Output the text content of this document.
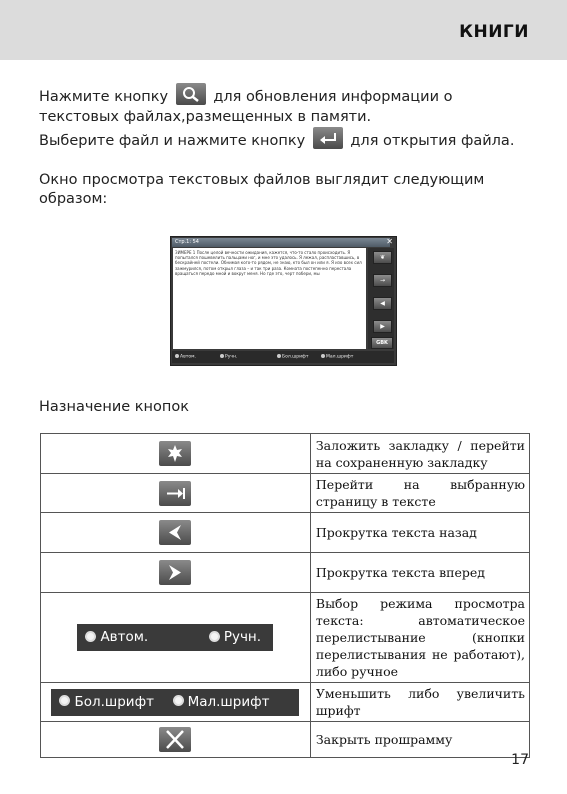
КНИГИ
Нажмите кнопку	для обновления информации о текстовых файлах,размещенных в памяти.
Выберите файл и нажмите кнопку	для открытия файла.
Окно просмотра текстовых файлов выглядит следующим образом:
Стр.1: 54	✕
ЗИМЕРЕ 1 После целой вечности ожидания, кажется, что-то стало происходить. Я попытался пошевелить пальцами ног, и мне это удалось. Я лежал, распластавшись, в бескрайней постели. Обнимая кого-то рядом, не знаю, кто был он или я. Я изо всех сил зажмурился, потом открыл глаза – и так три раза. Комната постепенно перестала вращаться передо мной и вокруг меня. Но где это, черт побери, мы
❦
→
◀
▶
GBK
Автом.	Ручн.	Бол.шрифт	Мал.шрифт
Назначение кнопок
	Заложить закладку / перейти на сохраненную закладку

	Перейти на выбранную страницу в тексте

	Прокрутка текста назад

	Прокрутка текста вперед
Автом. Ручн.	Выбор режима просмотра текста: автоматическое перелистывание (кнопки перелистывания не работают), либо ручное
Бол.шрифт Мал.шрифт	Уменьшить либо увеличить шрифт

	Закрыть прошрамму
17
